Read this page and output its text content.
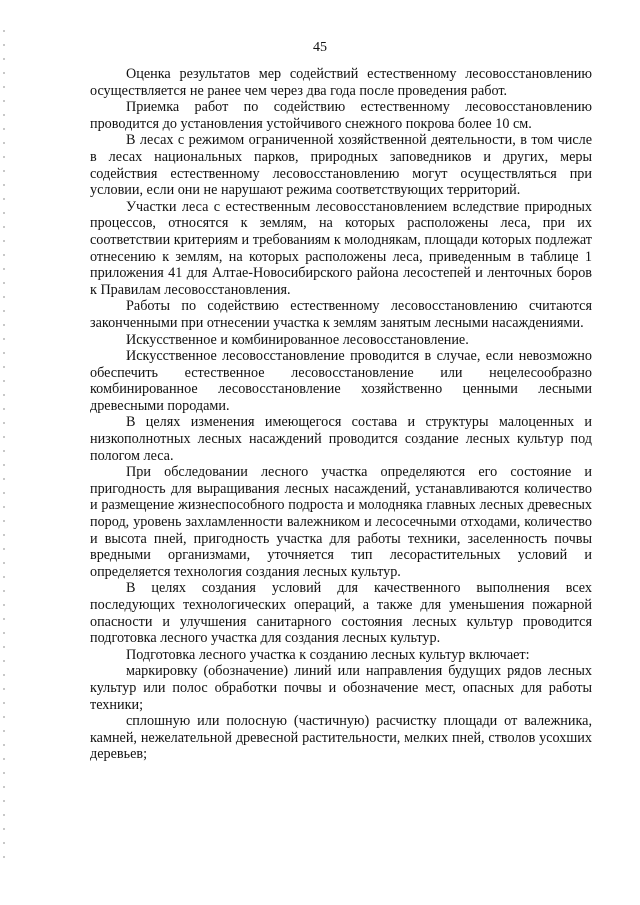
45

Оценка результатов мер содействий естественному лесовосстановлению осуществляется не ранее чем через два года после проведения работ.

Приемка работ по содействию естественному лесовосстановлению проводится до установления устойчивого снежного покрова более 10 см.

В лесах с режимом ограниченной хозяйственной деятельности, в том числе в лесах национальных парков, природных заповедников и других, меры содействия естественному лесовосстановлению могут осуществляться при условии, если они не нарушают режима соответствующих территорий.

Участки леса с естественным лесовосстановлением вследствие природных процессов, относятся к землям, на которых расположены леса, при их соответствии критериям и требованиям к молоднякам, площади которых подлежат отнесению к землям, на которых расположены леса, приведенным в таблице 1 приложения 41 для Алтае-Новосибирского района лесостепей и ленточных боров к Правилам лесовосстановления.

Работы по содействию естественному лесовосстановлению считаются законченными при отнесении участка к землям занятым лесными насаждениями.

Искусственное и комбинированное лесовосстановление.

Искусственное лесовосстановление проводится в случае, если невозможно обеспечить естественное лесовосстановление или нецелесообразно комбинированное лесовосстановление хозяйственно ценными лесными древесными породами.

В целях изменения имеющегося состава и структуры малоценных и низкополнотных лесных насаждений проводится создание лесных культур под пологом леса.

При обследовании лесного участка определяются его состояние и пригодность для выращивания лесных насаждений, устанавливаются количество и размещение жизнеспособного подроста и молодняка главных лесных древесных пород, уровень захламленности валежником и лесосечными отходами, количество и высота пней, пригодность участка для работы техники, заселенность почвы вредными организмами, уточняется тип лесорастительных условий и определяется технология создания лесных культур.

В целях создания условий для качественного выполнения всех последующих технологических операций, а также для уменьшения пожарной опасности и улучшения санитарного состояния лесных культур проводится подготовка лесного участка для создания лесных культур.

Подготовка лесного участка к созданию лесных культур включает:

маркировку (обозначение) линий или направления будущих рядов лесных культур или полос обработки почвы и обозначение мест, опасных для работы техники;

сплошную или полосную (частичную) расчистку площади от валежника, камней, нежелательной древесной растительности, мелких пней, стволов усохших деревьев;
